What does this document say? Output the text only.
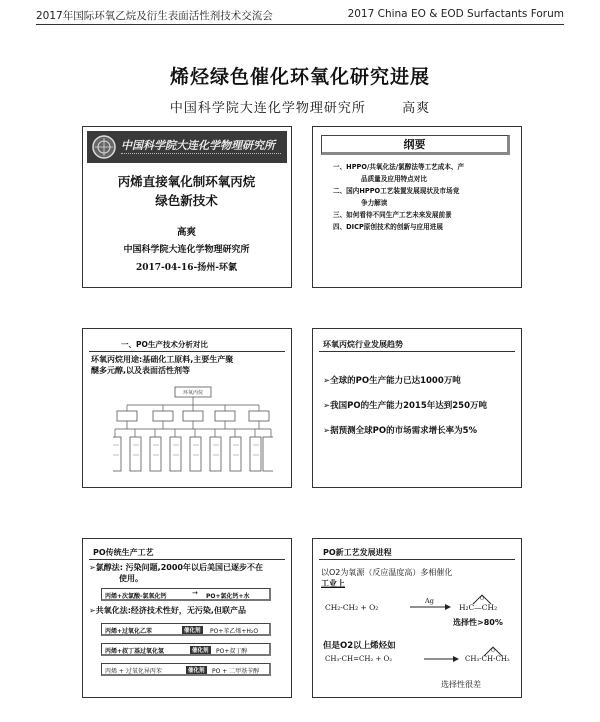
2017年国际环氧乙烷及衍生表面活性剂技术交流会	2017 China EO & EOD Surfactants Forum
烯烃绿色催化环氧化研究进展
中国科学院大连化学物理研究所	高爽
中国科学院大连化学物理研究所
丙烯直接氧化制环氧丙烷
绿色新技术
高爽
中国科学院大连化学物理研究所
2017-04-16-扬州-环氯
纲要
一、HPPO/共氧化法/氯醇法等工艺成本、产
品质量及应用特点对比
二、国内HPPO工艺装置发展现状及市场竞
争力解读
三、如何看待不同生产工艺未来发展前景
四、DICP原创技术的创新与应用进展
一、PO生产技术分析对比
环氧丙烷用途:基础化工原料,主要生产聚
醚多元醇,以及表面活性剂等
环氧丙烷
环氧丙烷行业发展趋势
➢全球的PO生产能力已达1000万吨
➢我国PO的生产能力2015年达到250万吨
➢据预测全球PO的市场需求增长率为5%
PO传统生产工艺
➢氯醇法: 污染问题,2000年以后美国已逐步不在
使用。
丙烯+次氯酸-氯氧化钙	→ PO+氯化钙+水
➢共氧化法:经济技术性好，无污染,但联产品
丙烯+过氧化乙苯	催化剂	PO+苯乙烯+H₂O
丙烯+叔丁基过氧化氢	催化剂	PO+叔丁醇
丙烯 + 过氧化异丙苯	催化剂	PO + 二甲基苄醇
PO新工艺发展进程
以O2为氧源（反应温度高）多相催化
工业上
CH₂-CH₂ + O₂
Ag	O
H₂C—CH₂
选择性>80%
但是O2以上烯烃如
CH₃-CH=CH₂ + O₂
O
CH₃-CH-CH₂
选择性很差
